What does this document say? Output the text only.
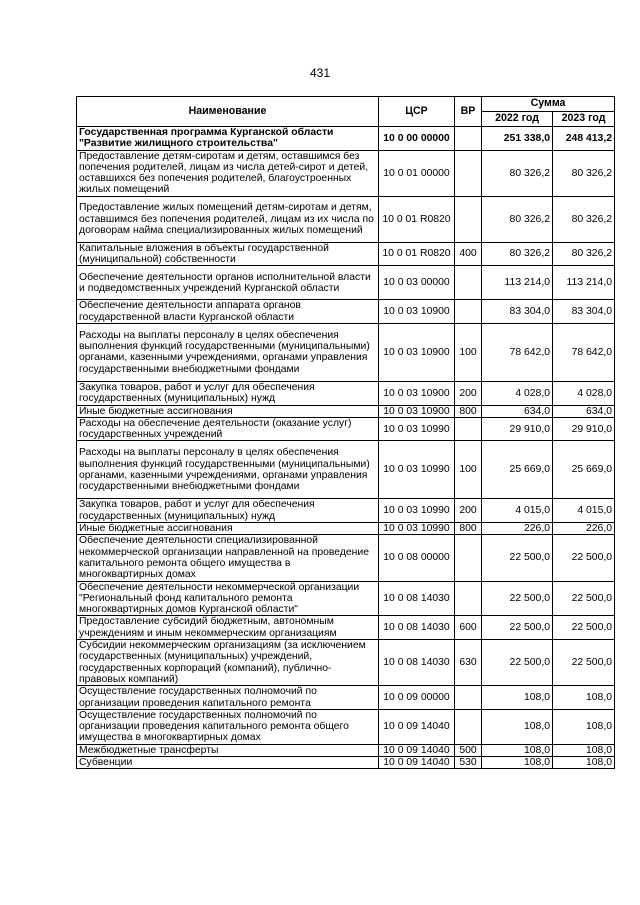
431
Наименование	ЦСР	ВР	Сумма	
			2022 год	2023 год
Государственная программа Курганской области "Развитие жилищного строительства"	10 0 00 00000		251 338,0	248 413,2
Предоставление детям-сиротам и детям, оставшимся без попечения родителей, лицам из числа детей-сирот и детей, оставшихся без попечения родителей, благоустроенных жилых помещений	10 0 01 00000		80 326,2	80 326,2
Предоставление жилых помещений детям-сиротам и детям, оставшимся без попечения родителей, лицам из их числа по договорам найма специализированных жилых помещений	10 0 01 R0820		80 326,2	80 326,2
Капитальные вложения в объекты государственной (муниципальной) собственности	10 0 01 R0820	400	80 326,2	80 326,2
Обеспечение деятельности органов исполнительной власти и подведомственных учреждений Курганской области	10 0 03 00000		113 214,0	113 214,0
Обеспечение деятельности аппарата органов государственной власти Курганской области	10 0 03 10900		83 304,0	83 304,0
Расходы на выплаты персоналу в целях обеспечения выполнения функций государственными (муниципальными) органами, казенными учреждениями, органами управления государственными внебюджетными фондами	10 0 03 10900	100	78 642,0	78 642,0
Закупка товаров, работ и услуг для обеспечения государственных (муниципальных) нужд	10 0 03 10900	200	4 028,0	4 028,0
Иные бюджетные ассигнования	10 0 03 10900	800	634,0	634,0
Расходы на обеспечение деятельности (оказание услуг) государственных учреждений	10 0 03 10990		29 910,0	29 910,0
Расходы на выплаты персоналу в целях обеспечения выполнения функций государственными (муниципальными) органами, казенными учреждениями, органами управления государственными внебюджетными фондами	10 0 03 10990	100	25 669,0	25 669,0
Закупка товаров, работ и услуг для обеспечения государственных (муниципальных) нужд	10 0 03 10990	200	4 015,0	4 015,0
Иные бюджетные ассигнования	10 0 03 10990	800	226,0	226,0
Обеспечение деятельности специализированной некоммерческой организации направленной на проведение капитального ремонта общего имущества в многоквартирных домах	10 0 08 00000		22 500,0	22 500,0
Обеспечение деятельности некоммерческой организации "Региональный фонд капитального ремонта многоквартирных домов Курганской области"	10 0 08 14030		22 500,0	22 500,0
Предоставление субсидий бюджетным, автономным учреждениям и иным некоммерческим организациям	10 0 08 14030	600	22 500,0	22 500,0
Субсидии некоммерческим организациям (за исключением государственных (муниципальных) учреждений, государственных корпораций (компаний), публично-правовых компаний)	10 0 08 14030	630	22 500,0	22 500,0
Осуществление государственных полномочий по организации проведения капитального ремонта	10 0 09 00000		108,0	108,0
Осуществление государственных полномочий по организации проведения капитального ремонта общего имущества в многоквартирных домах	10 0 09 14040		108,0	108,0
Межбюджетные трансферты	10 0 09 14040	500	108,0	108,0
Субвенции	10 0 09 14040	530	108,0	108,0
